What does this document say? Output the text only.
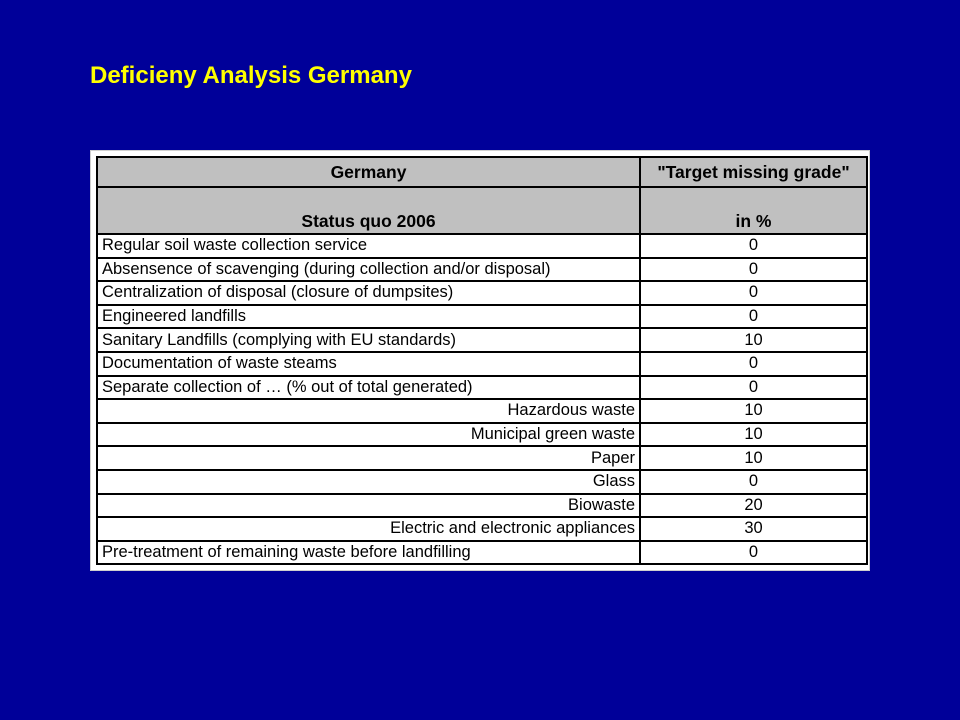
Deficieny Analysis Germany
Germany	"Target missing grade"
Status quo 2006	in %
Regular soil waste collection service	0
Absensence of scavenging (during collection and/or disposal)	0
Centralization of disposal (closure of dumpsites)	0
Engineered landfills	0
Sanitary Landfills (complying with EU standards)	10
Documentation of waste steams	0
Separate collection of … (% out of total generated)	0
Hazardous waste	10
Municipal green waste	10
Paper	10
Glass	0
Biowaste	20
Electric and electronic appliances	30
Pre-treatment of remaining waste before landfilling	0
